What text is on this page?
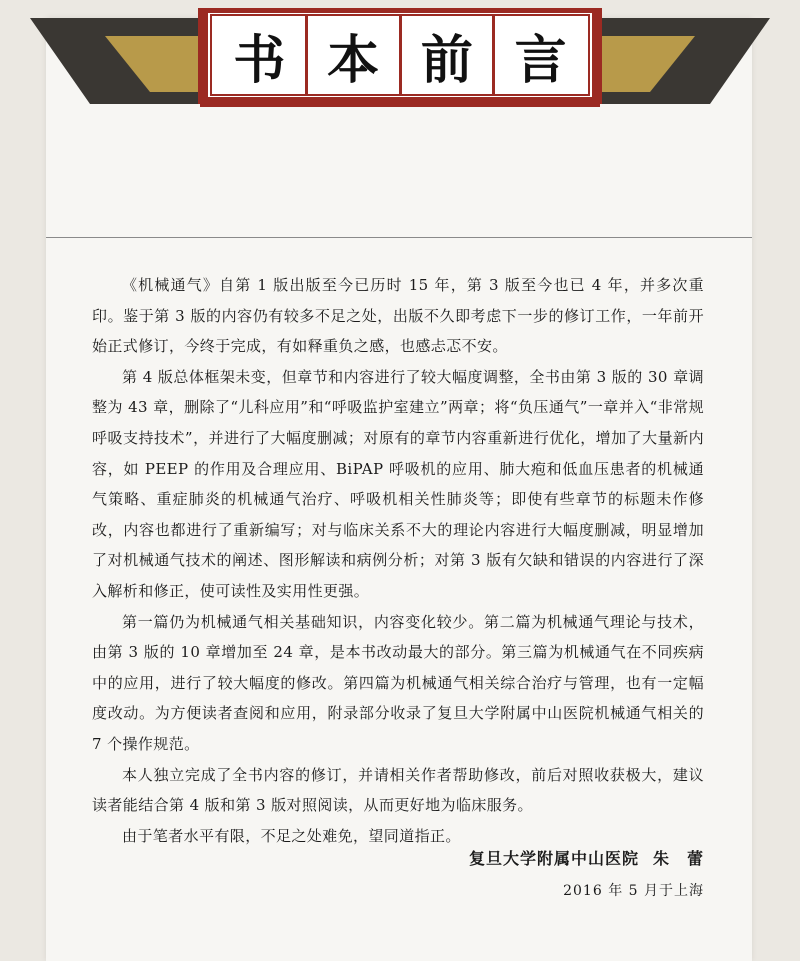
书 本 前 言

《机械通气》自第 1 版出版至今已历时 15 年，第 3 版至今也已 4 年，并多次重印。鉴于第 3 版的内容仍有较多不足之处，出版不久即考虑下一步的修订工作，一年前开始正式修订，今终于完成，有如释重负之感，也感忐忑不安。

第 4 版总体框架未变，但章节和内容进行了较大幅度调整，全书由第 3 版的 30 章调整为 43 章，删除了“儿科应用”和“呼吸监护室建立”两章；将“负压通气”一章并入“非常规呼吸支持技术”，并进行了大幅度删减；对原有的章节内容重新进行优化，增加了大量新内容，如 PEEP 的作用及合理应用、BiPAP 呼吸机的应用、肺大疱和低血压患者的机械通气策略、重症肺炎的机械通气治疗、呼吸机相关性肺炎等；即使有些章节的标题未作修改，内容也都进行了重新编写；对与临床关系不大的理论内容进行大幅度删减，明显增加了对机械通气技术的阐述、图形解读和病例分析；对第 3 版有欠缺和错误的内容进行了深入解析和修正，使可读性及实用性更强。

第一篇仍为机械通气相关基础知识，内容变化较少。第二篇为机械通气理论与技术，由第 3 版的 10 章增加至 24 章，是本书改动最大的部分。第三篇为机械通气在不同疾病中的应用，进行了较大幅度的修改。第四篇为机械通气相关综合治疗与管理，也有一定幅度改动。为方便读者查阅和应用，附录部分收录了复旦大学附属中山医院机械通气相关的 7 个操作规范。

本人独立完成了全书内容的修订，并请相关作者帮助修改，前后对照收获极大，建议读者能结合第 4 版和第 3 版对照阅读，从而更好地为临床服务。

由于笔者水平有限，不足之处难免，望同道指正。

复旦大学附属中山医院 朱　蕾
2016 年 5 月于上海
